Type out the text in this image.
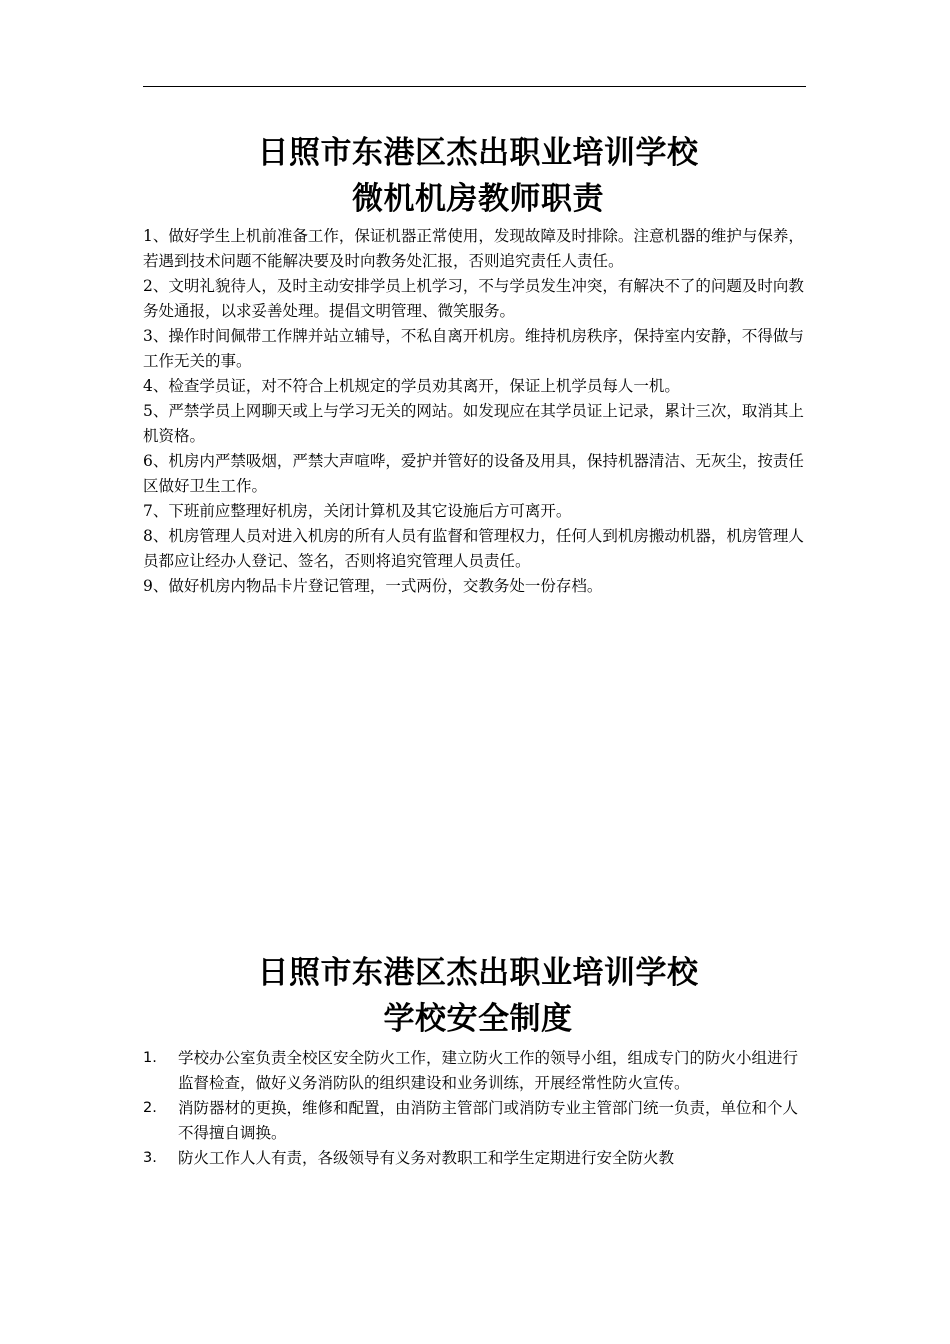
日照市东港区杰出职业培训学校
微机机房教师职责

1、做好学生上机前准备工作，保证机器正常使用，发现故障及时排除。注意机器的维护与保养，若遇到技术问题不能解决要及时向教务处汇报，否则追究责任人责任。

2、文明礼貌待人，及时主动安排学员上机学习，不与学员发生冲突，有解决不了的问题及时向教务处通报，以求妥善处理。提倡文明管理、微笑服务。

3、操作时间佩带工作牌并站立辅导，不私自离开机房。维持机房秩序，保持室内安静，不得做与工作无关的事。

4、检查学员证，对不符合上机规定的学员劝其离开，保证上机学员每人一机。

5、严禁学员上网聊天或上与学习无关的网站。如发现应在其学员证上记录，累计三次，取消其上机资格。

6、机房内严禁吸烟，严禁大声喧哗，爱护并管好的设备及用具，保持机器清洁、无灰尘，按责任区做好卫生工作。

7、下班前应整理好机房，关闭计算机及其它设施后方可离开。

8、机房管理人员对进入机房的所有人员有监督和管理权力，任何人到机房搬动机器，机房管理人员都应让经办人登记、签名，否则将追究管理人员责任。

9、做好机房内物品卡片登记管理，一式两份，交教务处一份存档。

日照市东港区杰出职业培训学校
学校安全制度
1.	学校办公室负责全校区安全防火工作，建立防火工作的领导小组，组成专门的防火小组进行监督检查，做好义务消防队的组织建设和业务训练，开展经常性防火宣传。
2.	消防器材的更换，维修和配置，由消防主管部门或消防专业主管部门统一负责，单位和个人不得擅自调换。
3.	防火工作人人有责，各级领导有义务对教职工和学生定期进行安全防火教
